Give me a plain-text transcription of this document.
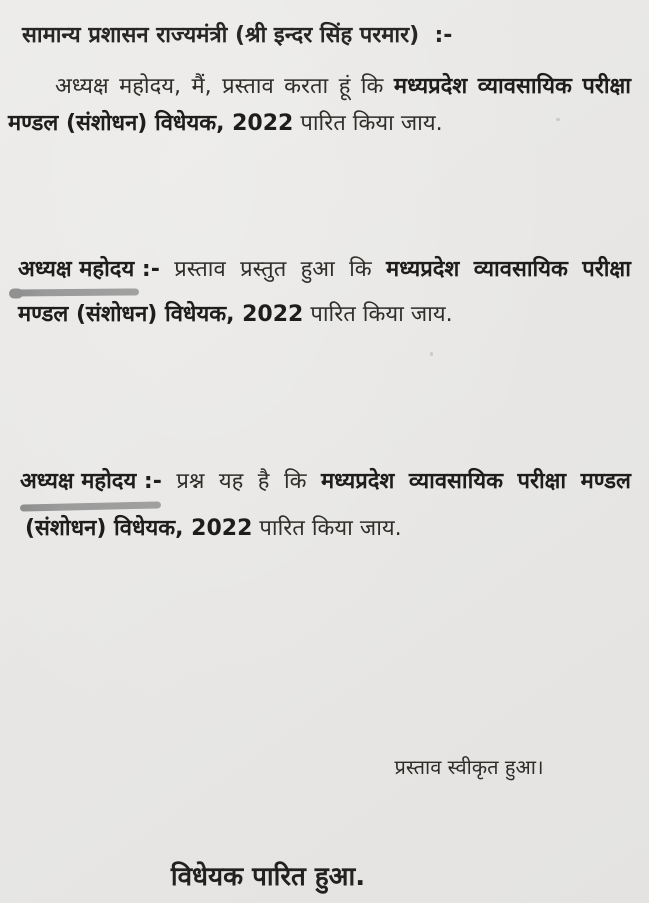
सामान्य प्रशासन राज्यमंत्री (श्री इन्दर सिंह परमार)  :-
अध्यक्ष महोदय, मैं, प्रस्ताव करता हूं कि मध्यप्रदेश व्यावसायिक परीक्षा
मण्डल (संशोधन) विधेयक, 2022 पारित किया जाय.
अध्यक्ष महोदय :- प्रस्ताव प्रस्तुत हुआ कि मध्यप्रदेश व्यावसायिक परीक्षा
मण्डल (संशोधन) विधेयक, 2022 पारित किया जाय.
अध्यक्ष महोदय :- प्रश्न यह है कि मध्यप्रदेश व्यावसायिक परीक्षा मण्डल
(संशोधन) विधेयक, 2022 पारित किया जाय.
प्रस्ताव स्वीकृत हुआ।
विधेयक पारित हुआ.
